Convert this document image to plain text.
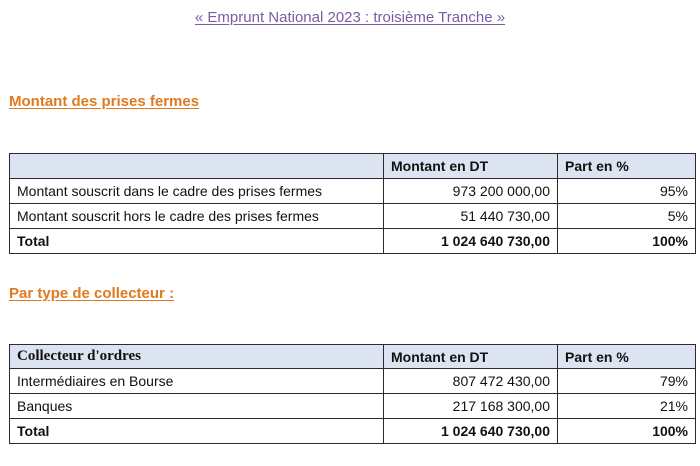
« Emprunt National 2023 : troisième Tranche »
Montant des prises fermes
	Montant en DT	Part en %
Montant souscrit dans le cadre des prises fermes	973 200 000,00	95%
Montant souscrit hors le cadre des prises fermes	51 440 730,00	5%
Total	1 024 640 730,00	100%
Par type de collecteur :
Collecteur d'ordres	Montant en DT	Part en %
Intermédiaires en Bourse	807 472 430,00	79%
Banques	217 168 300,00	21%
Total	1 024 640 730,00	100%
